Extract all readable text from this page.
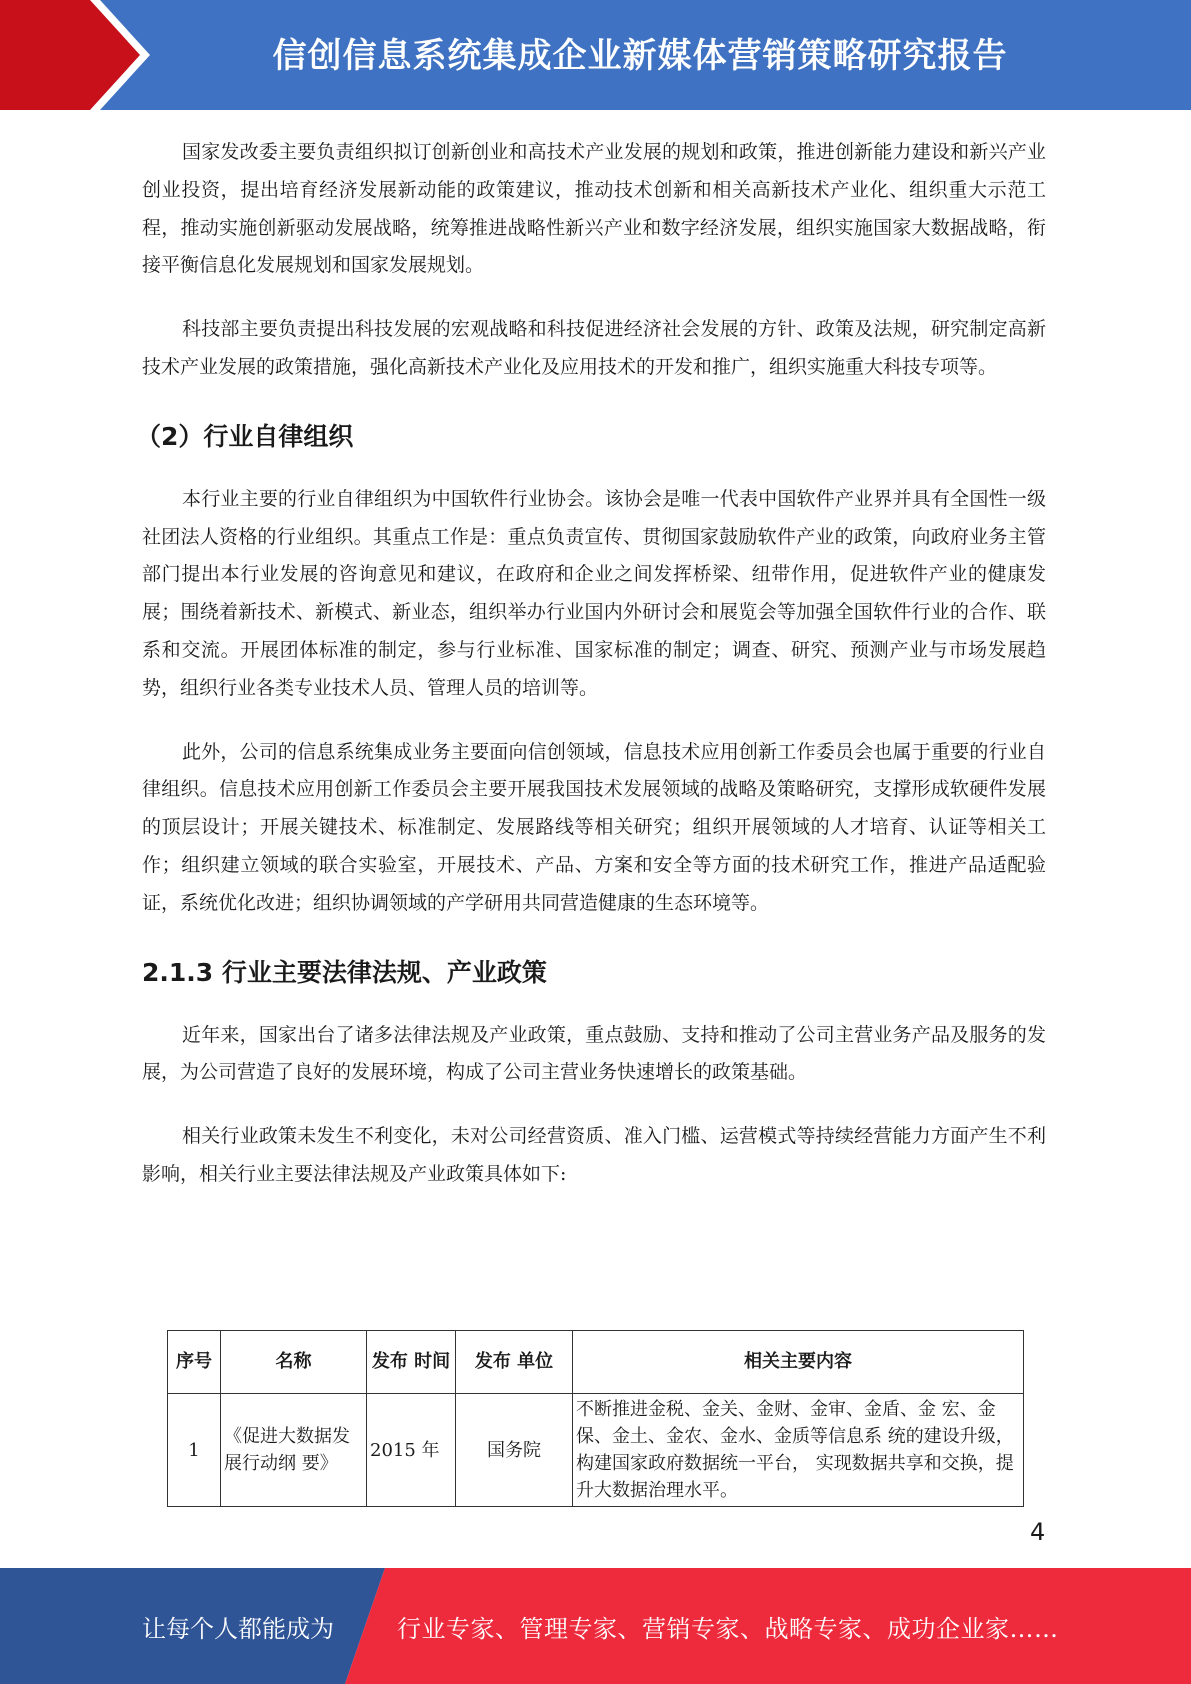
信创信息系统集成企业新媒体营销策略研究报告

国家发改委主要负责组织拟订创新创业和高技术产业发展的规划和政策，推进创新能力建设和新兴产业创业投资，提出培育经济发展新动能的政策建议，推动技术创新和相关高新技术产业化、组织重大示范工程，推动实施创新驱动发展战略，统筹推进战略性新兴产业和数字经济发展，组织实施国家大数据战略，衔接平衡信息化发展规划和国家发展规划。

科技部主要负责提出科技发展的宏观战略和科技促进经济社会发展的方针、政策及法规，研究制定高新技术产业发展的政策措施，强化高新技术产业化及应用技术的开发和推广，组织实施重大科技专项等。

（2）行业自律组织

本行业主要的行业自律组织为中国软件行业协会。该协会是唯一代表中国软件产业界并具有全国性一级社团法人资格的行业组织。其重点工作是：重点负责宣传、贯彻国家鼓励软件产业的政策，向政府业务主管部门提出本行业发展的咨询意见和建议，在政府和企业之间发挥桥梁、纽带作用，促进软件产业的健康发展；围绕着新技术、新模式、新业态，组织举办行业国内外研讨会和展览会等加强全国软件行业的合作、联系和交流。开展团体标准的制定，参与行业标准、国家标准的制定；调查、研究、预测产业与市场发展趋势，组织行业各类专业技术人员、管理人员的培训等。

此外，公司的信息系统集成业务主要面向信创领域，信息技术应用创新工作委员会也属于重要的行业自律组织。信息技术应用创新工作委员会主要开展我国技术发展领域的战略及策略研究，支撑形成软硬件发展的顶层设计；开展关键技术、标准制定、发展路线等相关研究；组织开展领域的人才培育、认证等相关工作；组织建立领域的联合实验室，开展技术、产品、方案和安全等方面的技术研究工作，推进产品适配验证，系统优化改进；组织协调领域的产学研用共同营造健康的生态环境等。

2.1.3 行业主要法律法规、产业政策

近年来，国家出台了诸多法律法规及产业政策，重点鼓励、支持和推动了公司主营业务产品及服务的发展，为公司营造了良好的发展环境，构成了公司主营业务快速增长的政策基础。

相关行业政策未发生不利变化，未对公司经营资质、准入门槛、运营模式等持续经营能力方面产生不利影响，相关行业主要法律法规及产业政策具体如下:

序号	名称	发布 时间	发布 单位	相关主要内容
1	《促进大数据发展行动纲 要》	2015 年	国务院	不断推进金税、金关、金财、金审、金盾、金 宏、金保、金土、金农、金水、金质等信息系 统的建设升级，构建国家政府数据统一平台， 实现数据共享和交换，提升大数据治理水平。
4
让每个人都能成为	行业专家、管理专家、营销专家、战略专家、成功企业家……
